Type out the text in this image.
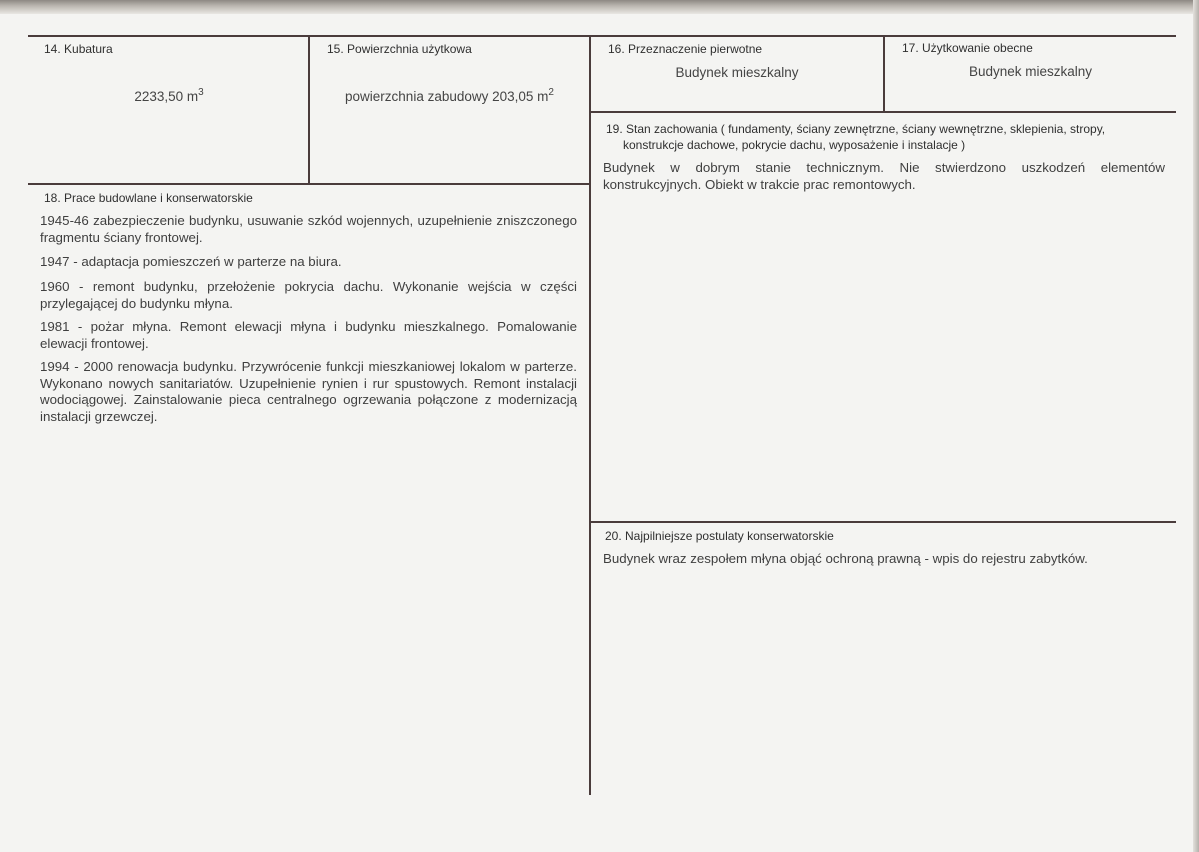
14. Kubatura
2233,50 $m^3$
15. Powierzchnia użytkowa
powierzchnia zabudowy 203,05 $m^2$
16. Przeznaczenie pierwotne
Budynek mieszkalny
17. Użytkowanie obecne
Budynek mieszkalny
18. Prace budowlane i konserwatorskie

1945-46 zabezpieczenie budynku, usuwanie szkód wojennych, uzupełnienie zniszczonego fragmentu ściany frontowej.

1947 - adaptacja pomieszczeń w parterze na biura.

1960 - remont budynku, przełożenie pokrycia dachu. Wykonanie wejścia w części przylegającej do budynku młyna.

1981 - pożar młyna. Remont elewacji młyna i budynku mieszkalnego. Pomalowanie elewacji frontowej.

1994 - 2000 renowacja budynku. Przywrócenie funkcji mieszkaniowej lokalom w parterze. Wykonano nowych sanitariatów. Uzupełnienie rynien i rur spustowych. Remont instalacji wodociągowej. Zainstalowanie pieca centralnego ogrzewania połączone z modernizacją instalacji grzewczej.

19. Stan zachowania ( fundamenty, ściany zewnętrzne, ściany wewnętrzne, sklepienia, stropy,
konstrukcje dachowe, pokrycie dachu, wyposażenie i instalacje )

Budynek w dobrym stanie technicznym. Nie stwierdzono uszkodzeń elementów konstrukcyjnych. Obiekt w trakcie prac remontowych.

20. Najpilniejsze postulaty konserwatorskie

Budynek wraz zespołem młyna objąć ochroną prawną - wpis do rejestru zabytków.
